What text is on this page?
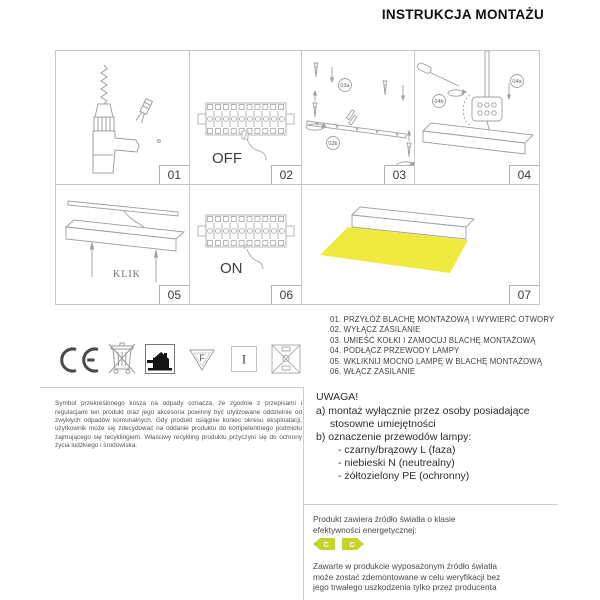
INSTRUKCJA MONTAŻU
01
OFF
02
03a
03b
03
04a
04b
04
KLIK
05
ON
06	07
01. PRZYŁÓŻ BLACHĘ MONTAŻOWĄ I WYWIERĆ OTWORY
02. WYŁĄCZ ZASILANIE
03. UMIEŚĆ KOŁKI I ZAMOCUJ BLACHĘ MONTAŻOWĄ
04. PODŁĄCZ PRZEWODY LAMPY
05. WKLIKNIJ MOCNO LAMPĘ W BLACHĘ MONTAŻOWĄ
06. WŁĄCZ ZASILANIE
F	I

Symbol przekreślonego kosza na odpady oznacza, że zgodnie z przepisami i regulacjami ten produkt oraz jego akcesoria powinny być utylizowane oddzielnie od zwykłych odpadów komunalnych. Gdy produkt osiągnie koniec okresu eksploatacji, użytkownik może się zdecydować na oddanie produktu do kompetentnego podmiotu zajmującego się recyklingiem. Właściwy recykling produktu przyczyni się do ochrony życia ludzkiego i środowiska.

UWAGA!
a) montaż wyłącznie przez osoby posiadające
stosowne umiejętności
b) oznaczenie przewodów lampy:
- czarny/brązowy L (faza)
- niebieski N (neutrealny)
- żółtozielony PE (ochronny)
Produkt zawiera źródło światła o klasie
efektywności energetycznej:
C	C
Zawarte w produkcie wyposażonym źródło światła
może zostać zdemontowane w celu weryfikacji bez
jego trwałego uszkodzenia tylko przez producenta
